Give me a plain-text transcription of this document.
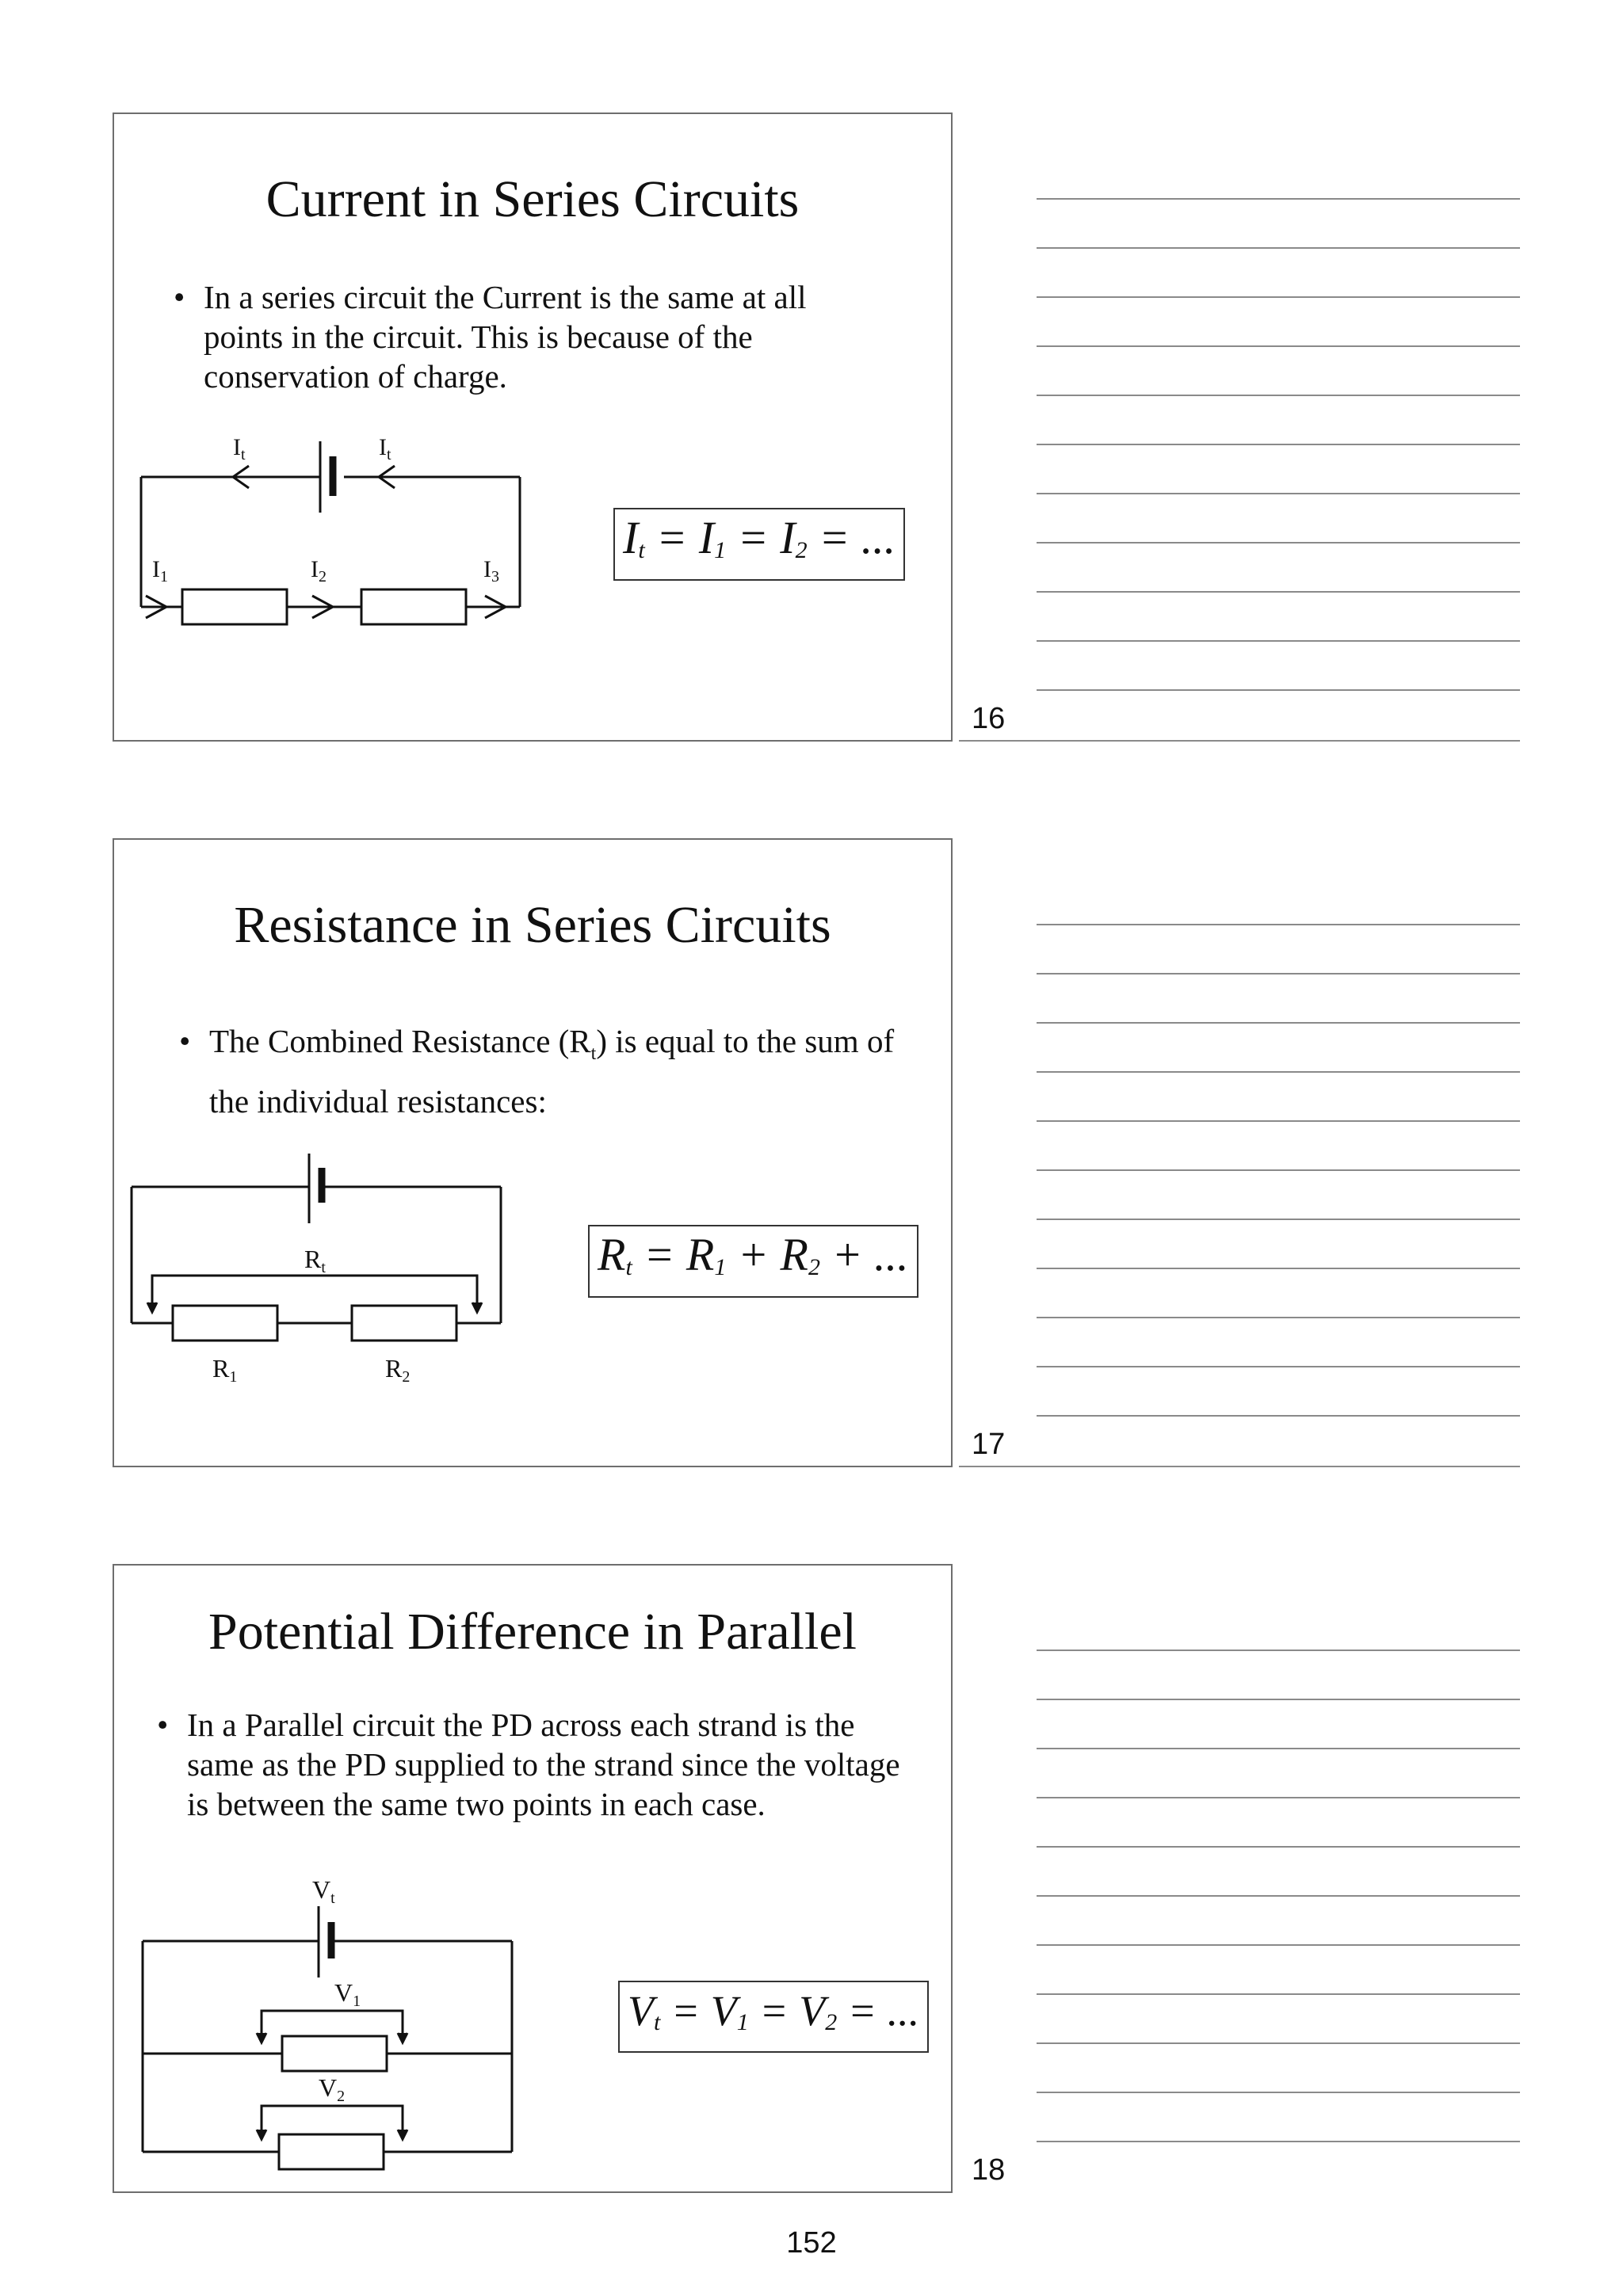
Current in Series Circuits
• In a series circuit the Current is the same at all points in the circuit. This is because of the conservation of charge.
$I_t$	$I_t$
$I_1$	$I_2$	$I_3$
$I_t = I_1 = I_2$ = ...
16
Resistance in Series Circuits
• The Combined Resistance $(R_t)$ is equal to the sum of the individual resistances:
Rt
R1	R2
$R_t = R_1 + R_2$ + ...
17
Potential Difference in Parallel
• In a Parallel circuit the PD across each strand is the same as the PD supplied to the strand since the voltage is between the same two points in each case.
Vt
V1
V2
$V_t = V_1 = V_2$ = ...
18
152
